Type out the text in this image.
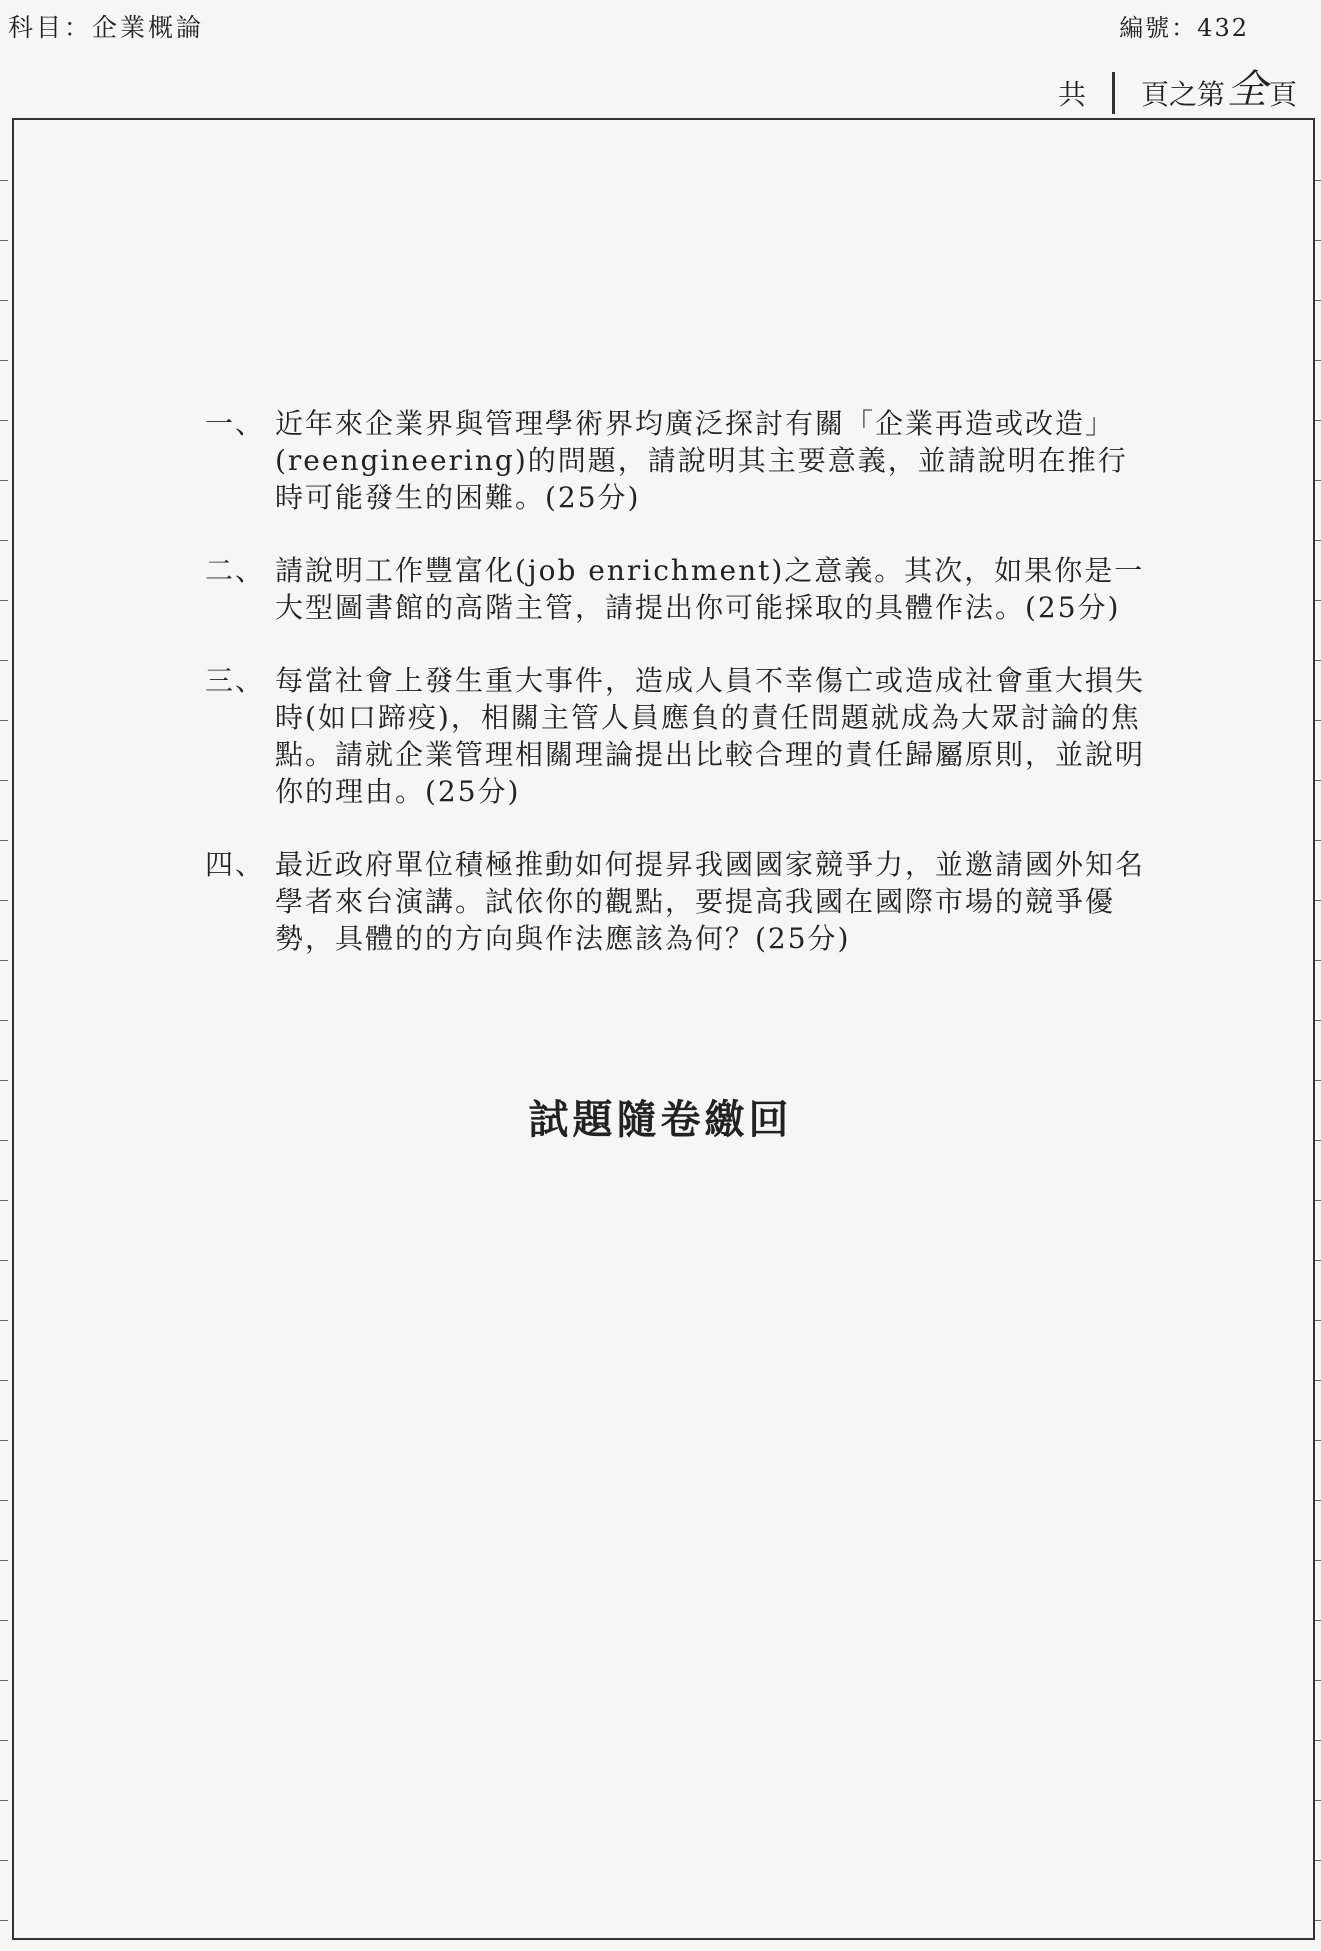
科目：企業概論	編號：432
共 頁之第 全 頁
一、 近年來企業界與管理學術界均廣泛探討有關「企業再造或改造」(reengineering)的問題，請說明其主要意義，並請說明在推行時可能發生的困難。(25分)
二、 請說明工作豐富化(job enrichment)之意義。其次，如果你是一大型圖書館的高階主管，請提出你可能採取的具體作法。(25分)
三、 每當社會上發生重大事件，造成人員不幸傷亡或造成社會重大損失時(如口蹄疫)，相關主管人員應負的責任問題就成為大眾討論的焦點。請就企業管理相關理論提出比較合理的責任歸屬原則，並說明你的理由。(25分)
四、 最近政府單位積極推動如何提昇我國國家競爭力，並邀請國外知名學者來台演講。試依你的觀點，要提高我國在國際市場的競爭優勢，具體的的方向與作法應該為何？(25分)
試題隨卷繳回
